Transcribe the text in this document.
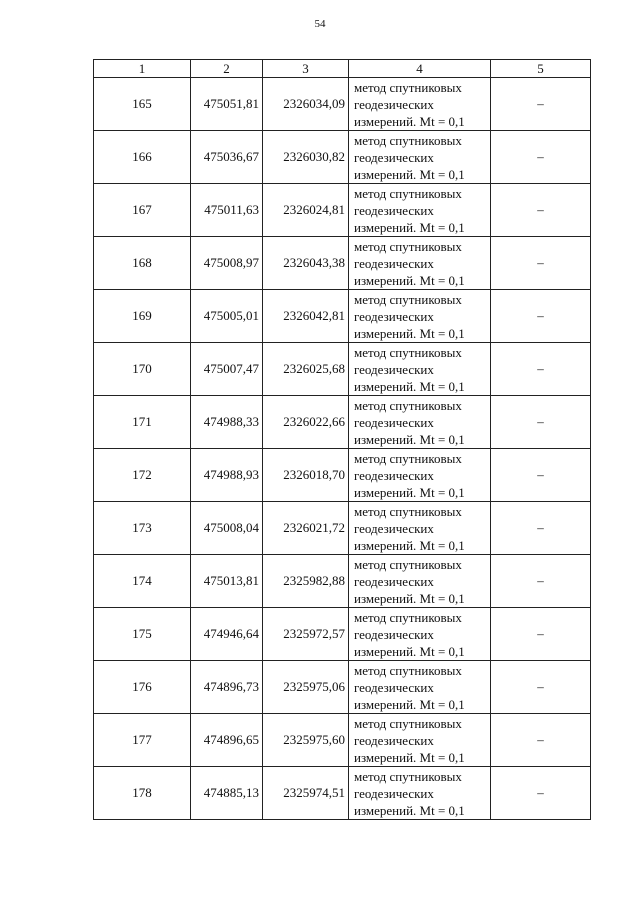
54
1	2	3	4	5
165	475051,81	2326034,09	метод спутниковых
геодезических
измерений. Mt = 0,1	–
166	475036,67	2326030,82	метод спутниковых
геодезических
измерений. Mt = 0,1	–
167	475011,63	2326024,81	метод спутниковых
геодезических
измерений. Mt = 0,1	–
168	475008,97	2326043,38	метод спутниковых
геодезических
измерений. Mt = 0,1	–
169	475005,01	2326042,81	метод спутниковых
геодезических
измерений. Mt = 0,1	–
170	475007,47	2326025,68	метод спутниковых
геодезических
измерений. Mt = 0,1	–
171	474988,33	2326022,66	метод спутниковых
геодезических
измерений. Mt = 0,1	–
172	474988,93	2326018,70	метод спутниковых
геодезических
измерений. Mt = 0,1	–
173	475008,04	2326021,72	метод спутниковых
геодезических
измерений. Mt = 0,1	–
174	475013,81	2325982,88	метод спутниковых
геодезических
измерений. Mt = 0,1	–
175	474946,64	2325972,57	метод спутниковых
геодезических
измерений. Mt = 0,1	–
176	474896,73	2325975,06	метод спутниковых
геодезических
измерений. Mt = 0,1	–
177	474896,65	2325975,60	метод спутниковых
геодезических
измерений. Mt = 0,1	–
178	474885,13	2325974,51	метод спутниковых
геодезических
измерений. Mt = 0,1	–
